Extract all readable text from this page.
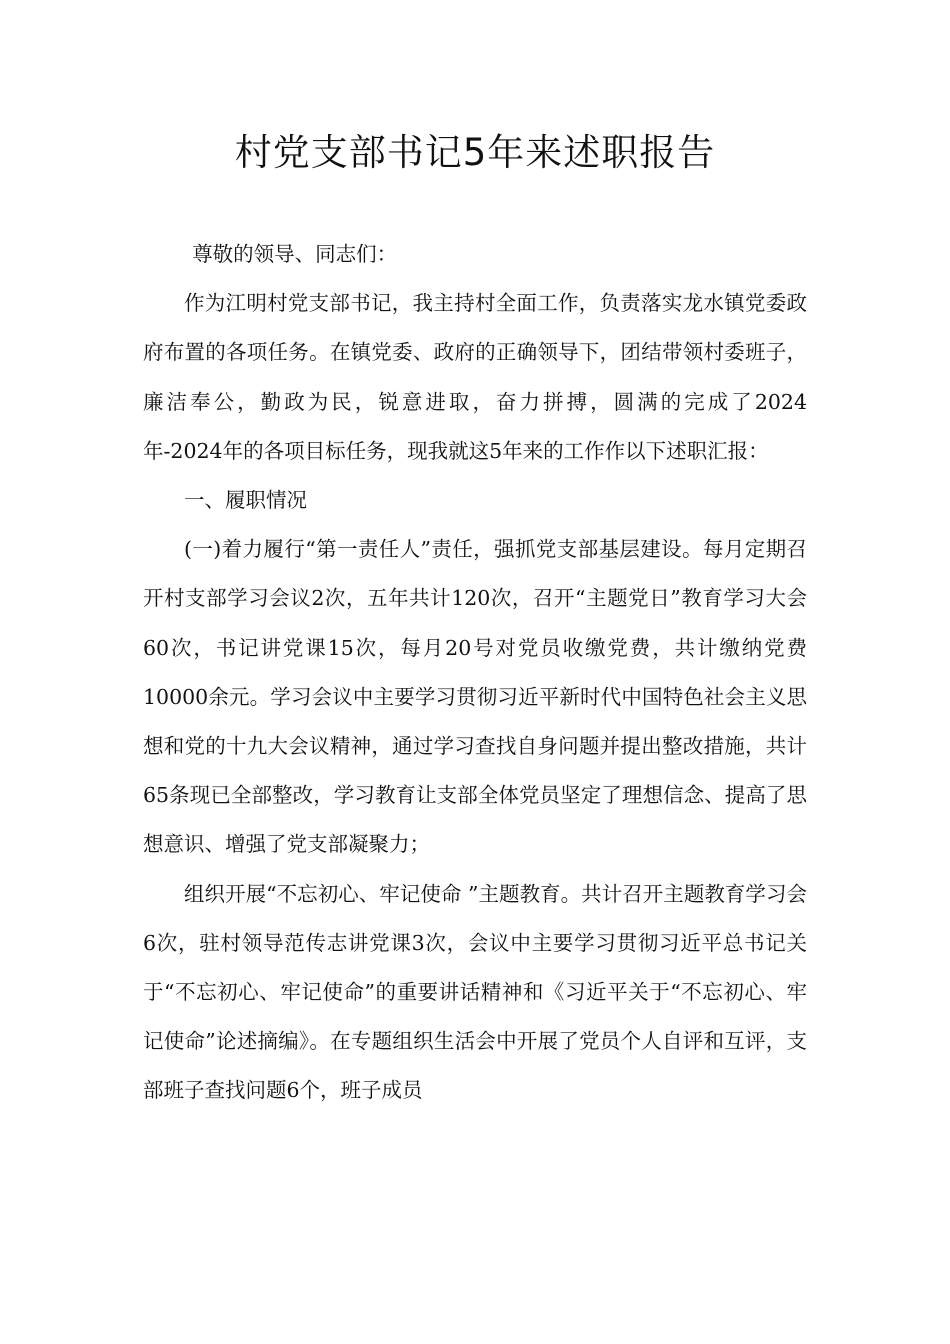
村党支部书记5年来述职报告

尊敬的领导、同志们：

作为江明村党支部书记，我主持村全面工作，负责落实龙水镇党委政府布置的各项任务。在镇党委、政府的正确领导下，团结带领村委班子，廉洁奉公，勤政为民，锐意进取，奋力拼搏，圆满的完成了2024年-2024年的各项目标任务，现我就这5年来的工作作以下述职汇报：

一、履职情况

(一)着力履行“第一责任人”责任，强抓党支部基层建设。每月定期召开村支部学习会议2次，五年共计120次，召开“主题党日”教育学习大会60次，书记讲党课15次，每月20号对党员收缴党费，共计缴纳党费10000余元。学习会议中主要学习贯彻习近平新时代中国特色社会主义思想和党的十九大会议精神，通过学习查找自身问题并提出整改措施，共计65条现已全部整改，学习教育让支部全体党员坚定了理想信念、提高了思想意识、增强了党支部凝聚力；

组织开展“不忘初心、牢记使命 ”主题教育。共计召开主题教育学习会6次，驻村领导范传志讲党课3次，会议中主要学习贯彻习近平总书记关于“不忘初心、牢记使命”的重要讲话精神和《习近平关于“不忘初心、牢记使命”论述摘编》。在专题组织生活会中开展了党员个人自评和互评，支部班子查找问题6个，班子成员
